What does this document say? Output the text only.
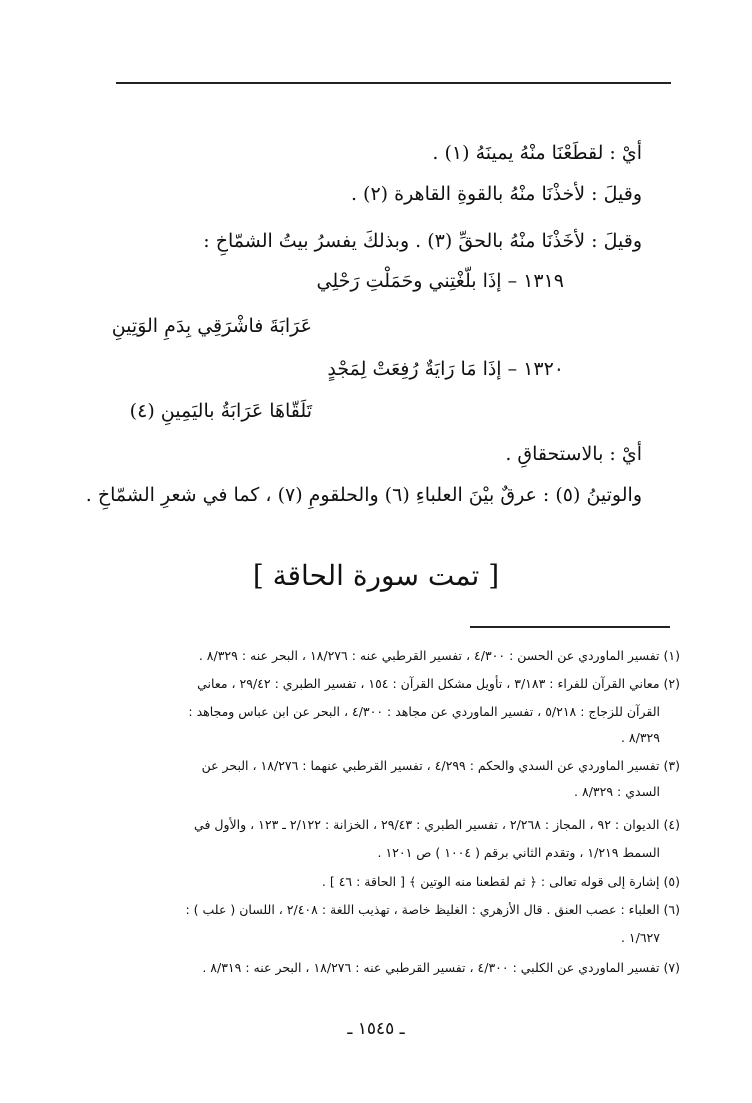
أيْ : لقطَعْنَا منْهُ يمينَهُ (١) .
وقيلَ : لأخذْنَا منْهُ بالقوةِ القاهرة (٢) .
وقيلَ : لأخَذْنَا منْهُ بالحقِّ (٣) . وبذلكَ يفسرُ بيتُ الشمّاخِ :
١٣١٩ – إذَا بلّغْتِني وحَمَلْتِ رَحْلِي
عَرَابَةَ فاشْرَقِي بِدَمِ الوَتِينِ
١٣٢٠ – إذَا مَا رَايَةٌ رُفِعَتْ لِمَجْدٍ
تَلَقّاهَا عَرَابَةُ باليَمِينِ (٤)
أيْ : بالاستحقاقِ .
والوتينُ (٥) : عرقٌ بيْنَ العلباءِ (٦) والحلقومِ (٧) ، كما في شعرِ الشمّاخِ .
[ تمت سورة الحاقة ]
(١) تفسير الماوردي عن الحسن : ٤/٣٠٠ ، تفسير القرطبي عنه : ١٨/٢٧٦ ، البحر عنه : ٨/٣٢٩ .
(٢) معاني القرآن للفراء : ٣/١٨٣ ، تأويل مشكل القرآن : ١٥٤ ، تفسير الطبري : ٢٩/٤٢ ، معاني
القرآن للزجاج : ٥/٢١٨ ، تفسير الماوردي عن مجاهد : ٤/٣٠٠ ، البحر عن ابن عباس ومجاهد :
٨/٣٢٩ .
(٣) تفسير الماوردي عن السدي والحكم : ٤/٢٩٩ ، تفسير القرطبي عنهما : ١٨/٢٧٦ ، البحر عن
السدي : ٨/٣٢٩ .
(٤) الديوان : ٩٢ ، المجاز : ٢/٢٦٨ ، تفسير الطبري : ٢٩/٤٣ ، الخزانة : ٢/١٢٢ ـ ١٢٣ ، والأول في
السمط ١/٢١٩ ، وتقدم الثاني برقم ( ١٠٠٤ ) ص ١٢٠١ .
(٥) إشارة إلى قوله تعالى : ﴿ ثم لقطعنا منه الوتين ﴾ [ الحاقة : ٤٦ ] .
(٦) العلباء : عصب العنق . قال الأزهري : الغليظ خاصة ، تهذيب اللغة : ٢/٤٠٨ ، اللسان ( علب ) :
١/٦٢٧ .
(٧) تفسير الماوردي عن الكلبي : ٤/٣٠٠ ، تفسير القرطبي عنه : ١٨/٢٧٦ ، البحر عنه : ٨/٣١٩ .
ـ ١٥٤٥ ـ
